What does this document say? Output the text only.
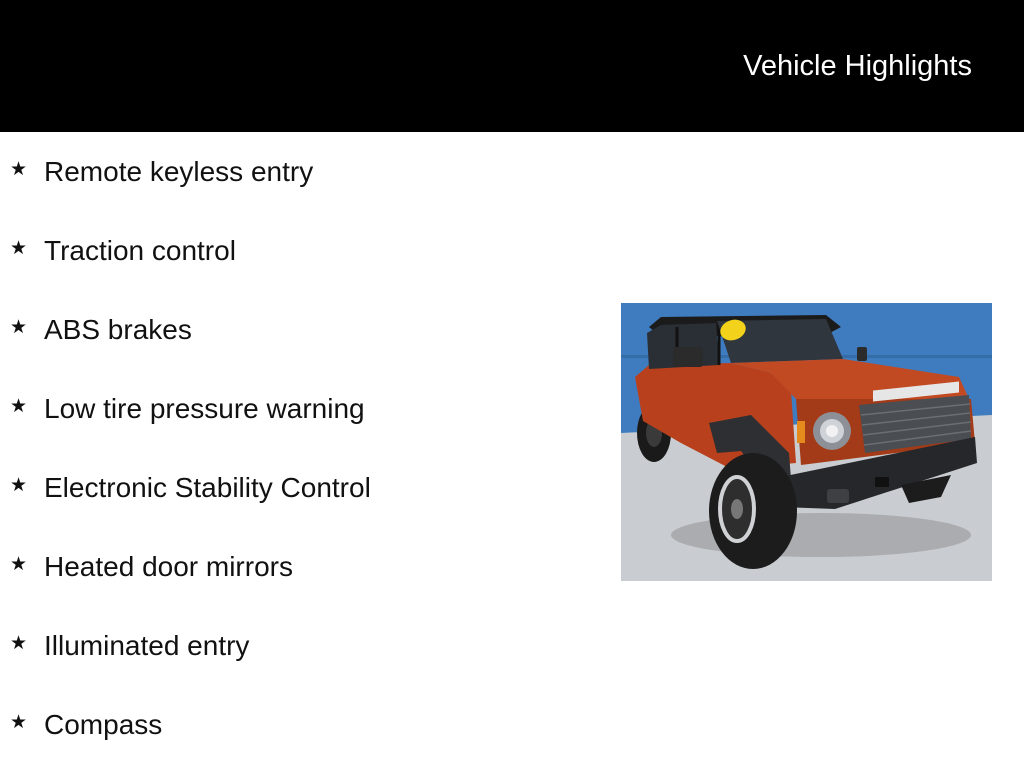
Vehicle Highlights
★ Remote keyless entry
★ Traction control
★ ABS brakes
★ Low tire pressure warning
★ Electronic Stability Control
★ Heated door mirrors
★ Illuminated entry
★ Compass
